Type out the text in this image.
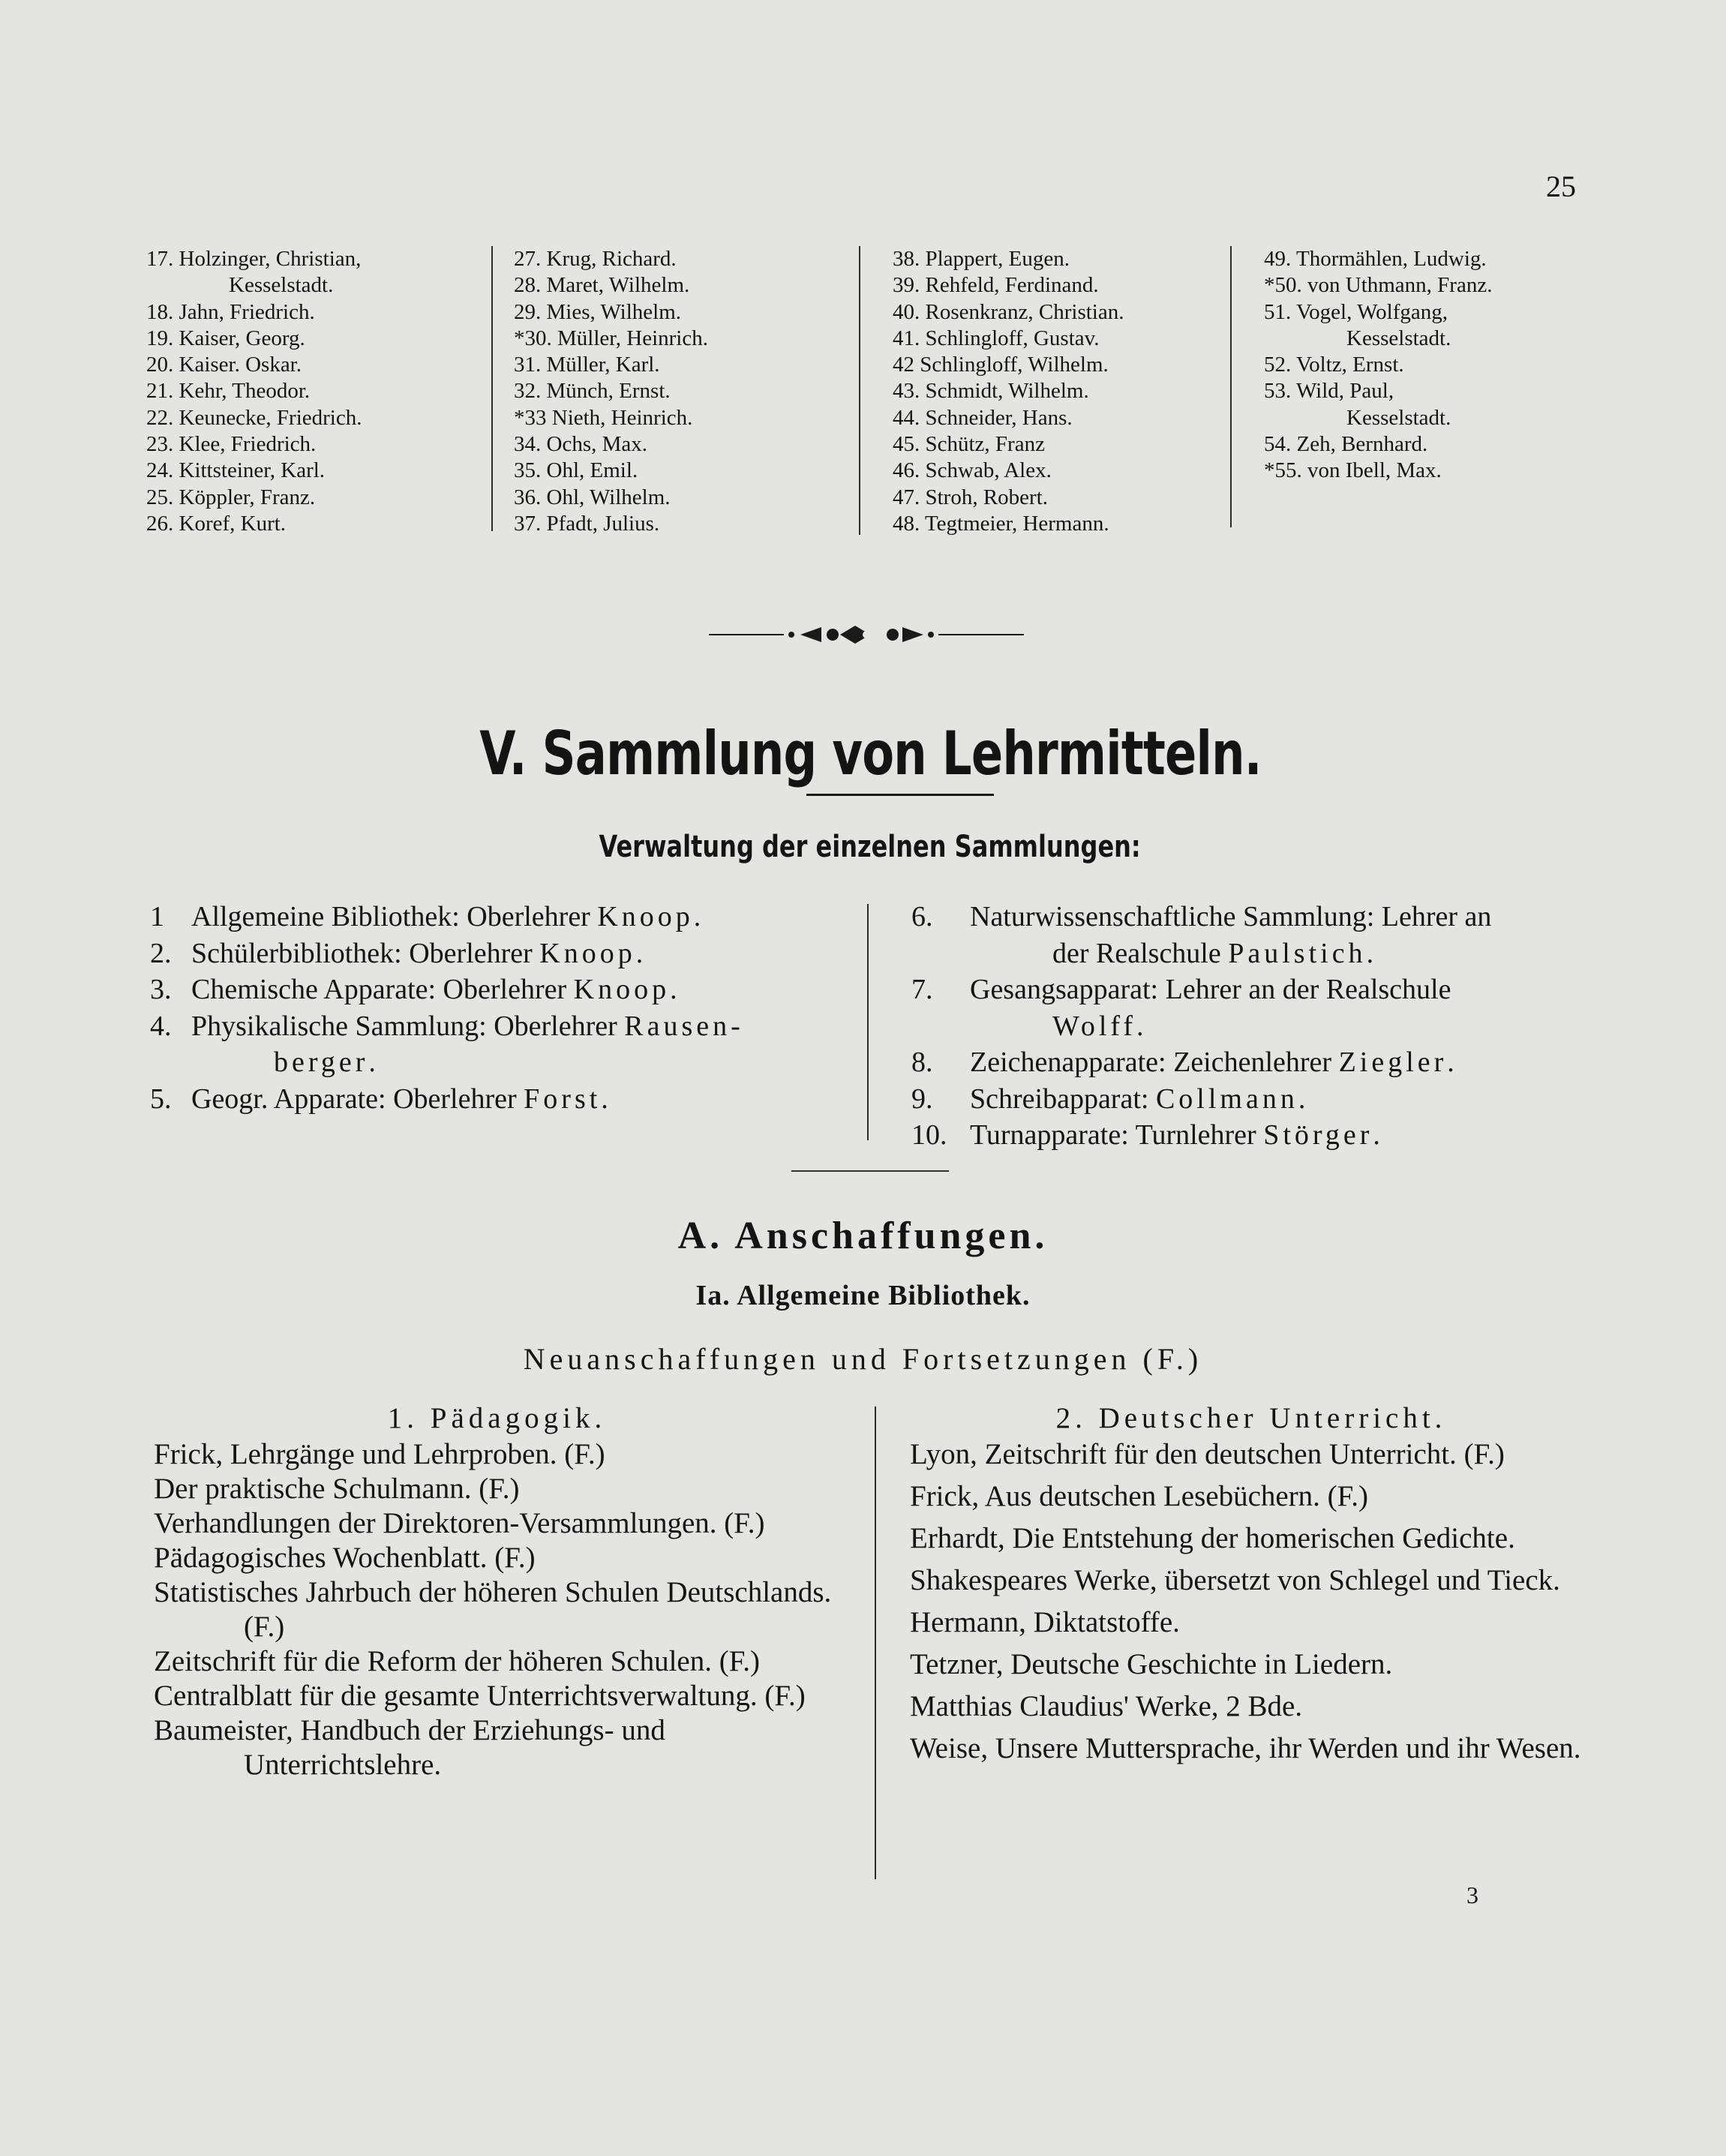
25
17. Holzinger, Christian,
Kesselstadt.
18. Jahn, Friedrich.
19. Kaiser, Georg.
20. Kaiser. Oskar.
21. Kehr, Theodor.
22. Keunecke, Friedrich.
23. Klee, Friedrich.
24. Kittsteiner, Karl.
25. Köppler, Franz.
26. Koref, Kurt.
27. Krug, Richard.
28. Maret, Wilhelm.
29. Mies, Wilhelm.
*30. Müller, Heinrich.
31. Müller, Karl.
32. Münch, Ernst.
*33 Nieth, Heinrich.
34. Ochs, Max.
35. Ohl, Emil.
36. Ohl, Wilhelm.
37. Pfadt, Julius.
38. Plappert, Eugen.
39. Rehfeld, Ferdinand.
40. Rosenkranz, Christian.
41. Schlingloff, Gustav.
42 Schlingloff, Wilhelm.
43. Schmidt, Wilhelm.
44. Schneider, Hans.
45. Schütz, Franz
46. Schwab, Alex.
47. Stroh, Robert.
48. Tegtmeier, Hermann.
49. Thormählen, Ludwig.
*50. von Uthmann, Franz.
51. Vogel, Wolfgang,
Kesselstadt.
52. Voltz, Ernst.
53. Wild, Paul,
Kesselstadt.
54. Zeh, Bernhard.
*55. von Ibell, Max.
V. Sammlung von Lehrmitteln.
Verwaltung der einzelnen Sammlungen:
1 Allgemeine Bibliothek: Oberlehrer Knoop.
2. Schülerbibliothek: Oberlehrer Knoop.
3. Chemische Apparate: Oberlehrer Knoop.
4. Physikalische Sammlung: Oberlehrer Rausen-
berger.
5. Geogr. Apparate: Oberlehrer Forst.
6.	Naturwissenschaftliche Sammlung: Lehrer an
der Realschule Paulstich.
7.	Gesangsapparat: Lehrer an der Realschule
Wolff.
8.	Zeichenapparate: Zeichenlehrer Ziegler.
9.	Schreibapparat: Collmann.
10. Turnapparate: Turnlehrer Störger.
A. Anschaffungen.
Ia. Allgemeine Bibliothek.
Neuanschaffungen und Fortsetzungen (F.)
1. Pädagogik.
Frick, Lehrgänge und Lehrproben. (F.)
Der praktische Schulmann. (F.)
Verhandlungen der Direktoren-Versammlungen. (F.)
Pädagogisches Wochenblatt. (F.)
Statistisches Jahrbuch der höheren Schulen Deutschlands. (F.)
Zeitschrift für die Reform der höheren Schulen. (F.)
Centralblatt für die gesamte Unterrichtsverwaltung. (F.)
Baumeister, Handbuch der Erziehungs- und Unterrichtslehre.
2. Deutscher Unterricht.
Lyon, Zeitschrift für den deutschen Unterricht. (F.)
Frick, Aus deutschen Lesebüchern. (F.)
Erhardt, Die Entstehung der homerischen Gedichte.
Shakespeares Werke, übersetzt von Schlegel und Tieck.
Hermann, Diktatstoffe.
Tetzner, Deutsche Geschichte in Liedern.
Matthias Claudius' Werke, 2 Bde.
Weise, Unsere Muttersprache, ihr Werden und ihr Wesen.
3
